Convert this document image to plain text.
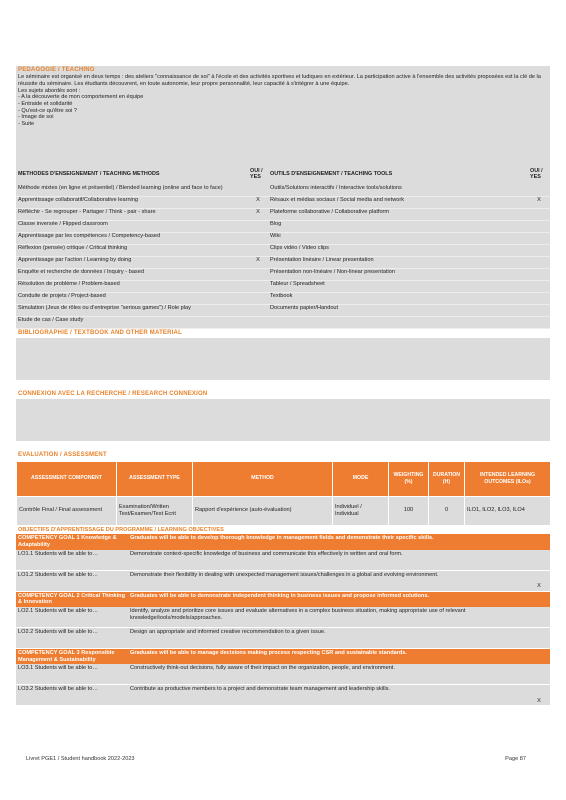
PEDAGOGIE / TEACHING
Le séminaire est organisé en deux temps : des ateliers "connaissance de soi" à l'école et des activités sportives et ludiques en extérieur. La participation active à l'ensemble des activités proposées est la clé de la réussite du séminaire. Les étudiants découvrent, en toute autonomie, leur propre personnalité, leur capacité à s'intégrer à une équipe.
Les sujets abordés sont :
- A la découverte de mon comportement en équipe
- Entraide et solidarité
- Qu'est-ce qu'être soi ?
- Image de soi
- Suite
METHODES D'ENSEIGNEMENT / TEACHING METHODS	OUI / YES	OUTILS D'ENSEIGNEMENT / TEACHING TOOLS	OUI / YES
Méthode mixtes (en ligne et présentiel) / Blended learning (online and face to face)		Outils/Solutions interactifs / Interactive tools/solutions	
Apprentissage collaboratif/Collaborative learning	X	Résaux et médias sociaux / Social media and network	X
Réfléchir - Se regrouper - Partager / Think - pair - share	X	Plateforme collaborative / Collaborative platform	
Classe inversée / Flipped classroom		Blog	
Apprentissage par les compétences / Competency-based		Wiki	
Réflexion (pensée) critique / Critical thinking		Clips vidéo / Video clips	
Apprentissage par l'action / Learning by doing	X	Présentation linéaire / Linear presentation	
Enquête et recherche de données / Inquiry - based		Présentation non-linéaire / Non-linear presentation	
Résolution de problème / Problem-based		Tableur / Spreadsheet	
Conduite de projets / Project-based		Textbook	
Simulation (Jeux de rôles ou d'entreprise "serious games") / Role play		Documents papier/Handout	
Etude de cas / Case study			
BIBLIOGRAPHIE / TEXTBOOK AND OTHER MATERIAL
CONNEXION AVEC LA RECHERCHE / RESEARCH CONNEXION
EVALUATION / ASSESSMENT
ASSESSMENT COMPONENT	ASSESSMENT TYPE	METHOD	MODE	WEIGHTING (%)	DURATION (H)	INTENDED LEARNING OUTCOMES (ILOs)
Contrôle Final / Final assessment	Examination/Written Test/Examen/Test Ecrit	Rapport d'expérience (auto-évaluation)	Individuel / Individual	100	0	ILO1, ILO2, ILO3, ILO4
OBJECTIFS D'APPRENTISSAGE DU PROGRAMME / LEARNING OBJECTIVES
COMPETENCY GOAL 1 Knowledge & Adaptability	Graduates will be able to develop thorough knowledge in management fields and demonstrate their specific skills.	
LO1.1 Students will be able to…	Demonstrate context-specific knowledge of business and communicate this effectively in written and oral form.	
LO1.2 Students will be able to…	Demonstrate their flexibility in dealing with unexpected management issues/challenges in a global and evolving environment.	X
COMPETENCY GOAL 2 Critical Thinking & Innovation	Graduates will be able to demonstrate independent thinking in business issues and propose informed solutions.	
LO2.1 Students will be able to…	Identify, analyze and prioritize core issues and evaluate alternatives in a complex business situation, making appropriate use of relevant knowledge/tools/models/approaches.	
LO2.2 Students will be able to…	Design an appropriate and informed creative recommendation to a given issue.	
COMPETENCY GOAL 3 Responsible Management & Sustainability	Graduates will be able to manage decisions making process respecting CSR and sustainable standards.	
LO3.1 Students will be able to…	Constructively think-out decisions, fully aware of their impact on the organization, people, and environment.	
LO3.2 Students will be able to…	Contribute as productive members to a project and demonstrate team management and leadership skills.	X
Livret PGE1 / Student handbook 2022-2023	Page 87
